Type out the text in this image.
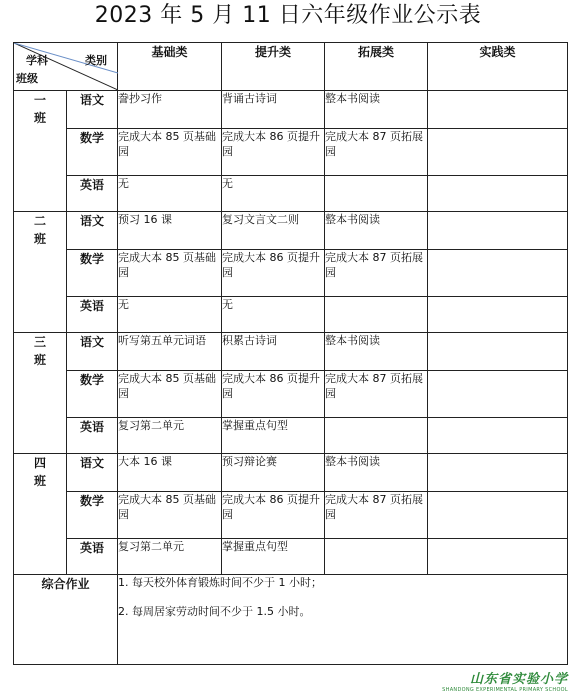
2023 年 5 月 11 日六年级作业公示表
学科 类别
班级		基础类	提升类	拓展类	实践类
一班	语文	誊抄习作	背诵古诗词	整本书阅读	
	数学	完成大本 85 页基础园	完成大本 86 页提升园	完成大本 87 页拓展园	
	英语	无	无		
二班	语文	预习 16 课	复习文言文二则	整本书阅读	
	数学	完成大本 85 页基础园	完成大本 86 页提升园	完成大本 87 页拓展园	
	英语	无	无		
三班	语文	听写第五单元词语	积累古诗词	整本书阅读	
	数学	完成大本 85 页基础园	完成大本 86 页提升园	完成大本 87 页拓展园	
	英语	复习第二单元	掌握重点句型		
四班	语文	大本 16 课	预习辩论赛	整本书阅读	
	数学	完成大本 85 页基础园	完成大本 86 页提升园	完成大本 87 页拓展园	
	英语	复习第二单元	掌握重点句型		
综合作业		1. 每天校外体育锻炼时间不少于 1 小时；

2. 每周居家劳动时间不少于 1.5 小时。			

山东省实验小学
SHANDONG EXPERIMENTAL PRIMARY SCHOOL
